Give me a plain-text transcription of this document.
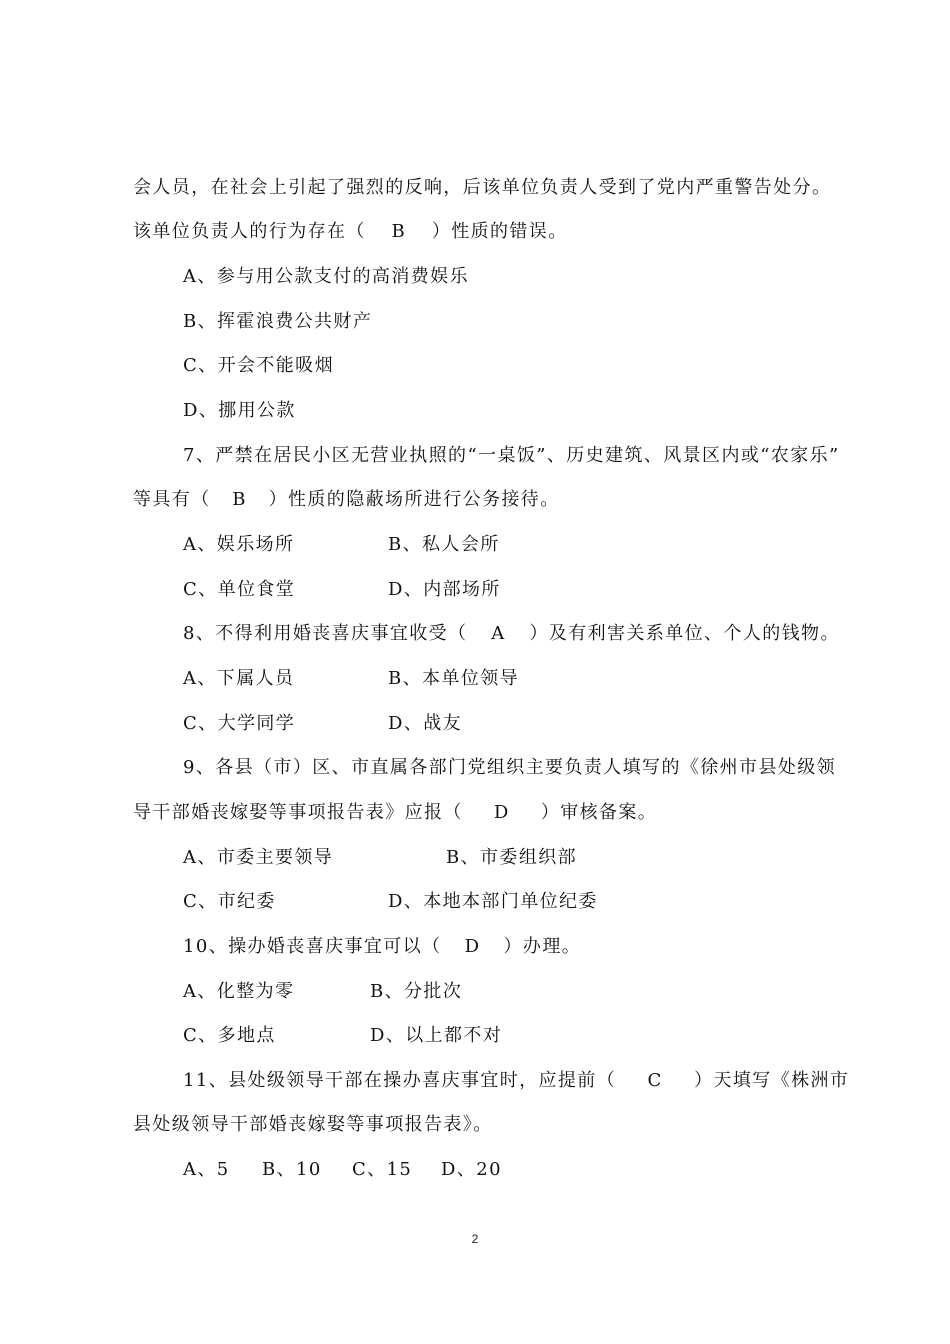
会人员，在社会上引起了强烈的反响，后该单位负责人受到了党内严重警告处分。
该单位负责人的行为存在（ B ）性质的错误。
A、参与用公款支付的高消费娱乐
B、挥霍浪费公共财产
C、开会不能吸烟
D、挪用公款
7、严禁在居民小区无营业执照的“一桌饭”、历史建筑、风景区内或“农家乐”
等具有（ B ）性质的隐蔽场所进行公务接待。
A、娱乐场所	B、私人会所
C、单位食堂	D、内部场所
8、不得利用婚丧喜庆事宜收受（ A ）及有利害关系单位、个人的钱物。
A、下属人员	B、本单位领导
C、大学同学	D、战友
9、各县（市）区、市直属各部门党组织主要负责人填写的《徐州市县处级领
导干部婚丧嫁娶等事项报告表》应报（ D ）审核备案。
A、市委主要领导	B、市委组织部
C、市纪委	D、本地本部门单位纪委
10、操办婚丧喜庆事宜可以（ D ）办理。
A、化整为零	B、分批次
C、多地点	D、以上都不对
11、县处级领导干部在操办喜庆事宜时，应提前（ C ）天填写《株洲市
县处级领导干部婚丧嫁娶等事项报告表》。
A、5 B、10 C、15 D、20
2
